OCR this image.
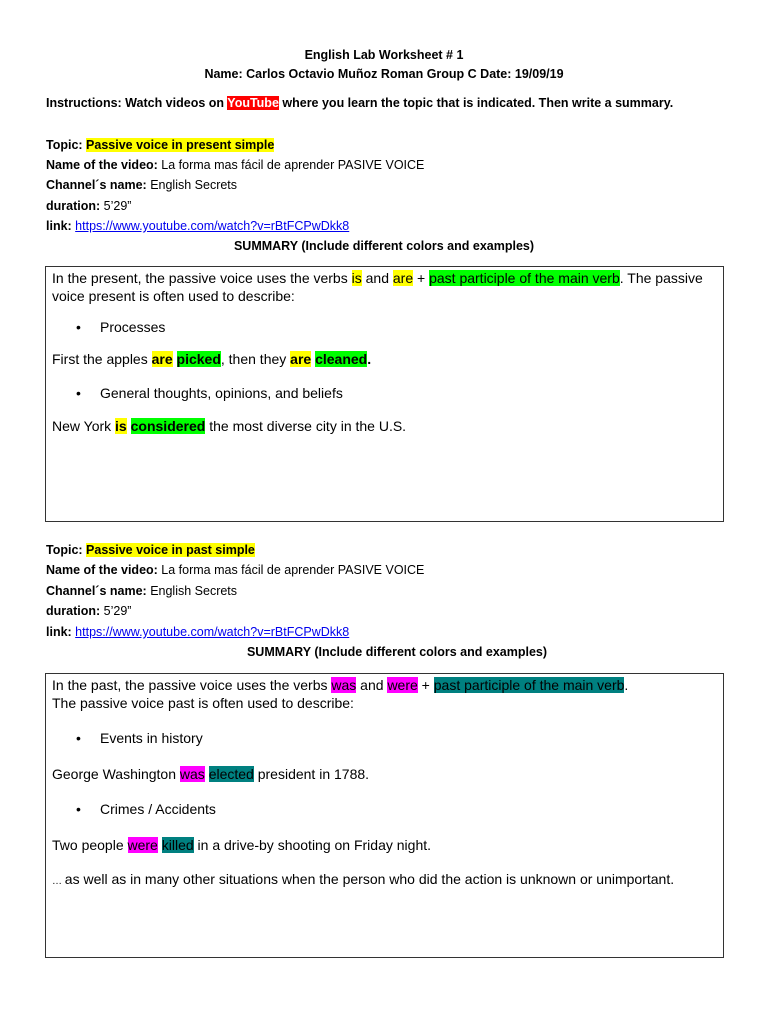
English Lab Worksheet # 1
Name: Carlos Octavio Muñoz Roman Group C Date: 19/09/19
Instructions: Watch videos on YouTube where you learn the topic that is indicated. Then write a summary.
Topic: Passive voice in present simple
Name of the video: La forma mas fácil de aprender PASIVE VOICE
Channel´s name: English Secrets
duration: 5’29”
link: https://www.youtube.com/watch?v=rBtFCPwDkk8
SUMMARY (Include different colors and examples)

In the present, the passive voice uses the verbs is and are + past participle of the main verb. The passive voice present is often used to describe:

• Processes

First the apples are picked, then they are cleaned.

• General thoughts, opinions, and beliefs

New York is considered the most diverse city in the U.S.

Topic: Passive voice in past simple
Name of the video: La forma mas fácil de aprender PASIVE VOICE
Channel´s name: English Secrets
duration: 5’29”
link: https://www.youtube.com/watch?v=rBtFCPwDkk8
SUMMARY (Include different colors and examples)

In the past, the passive voice uses the verbs was and were + past participle of the main verb.
The passive voice past is often used to describe:

• Events in history

George Washington was elected president in 1788.

• Crimes / Accidents

Two people were killed in a drive-by shooting on Friday night.

… as well as in many other situations when the person who did the action is unknown or unimportant.
